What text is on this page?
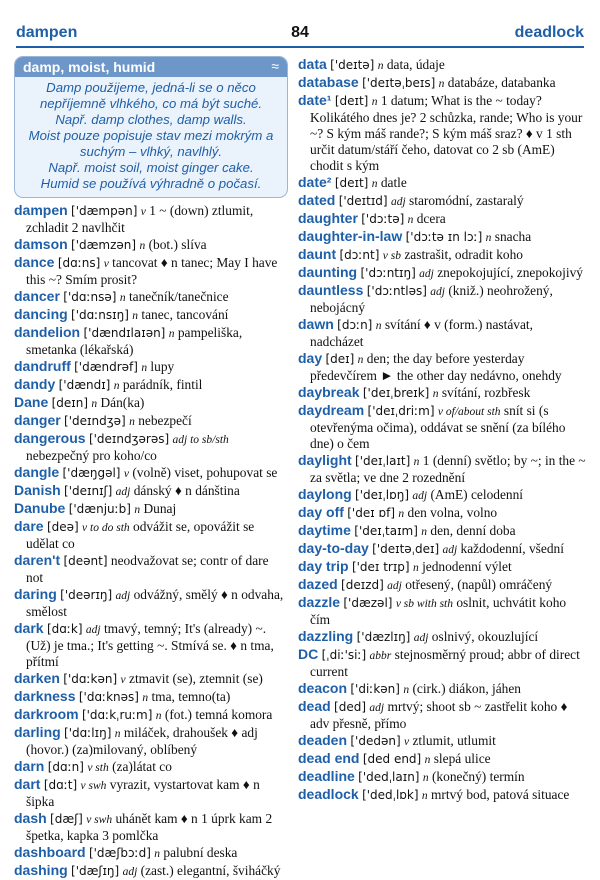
dampen	84	deadlock
damp, moist, humid	≈
Damp použijeme, jedná-li se o něco nepříjemně vlhkého, co má být suché.
Např. damp clothes, damp walls.
Moist pouze popisuje stav mezi mokrým a suchým – vlhký, navlhlý.
Např. moist soil, moist ginger cake.
Humid se používá výhradně o počasí.

dampen ['dæmpən] v 1 ~ (down) ztlumit, zchladit 2 navlhčit

damson ['dæmzən] n (bot.) slíva

dance [dɑːns] v tancovat ♦ n tanec; May I have this ~? Smím prosit?

dancer ['dɑːnsə] n tanečník/tanečnice

dancing ['dɑːnsɪŋ] n tanec, tancování

dandelion ['dændɪlaɪən] n pampeliška, smetanka (lékařská)

dandruff ['dændrəf] n lupy

dandy ['dændɪ] n parádník, fintil

Dane [deɪn] n Dán(ka)

danger ['deɪndʒə] n nebezpečí

dangerous ['deɪndʒərəs] adj to sb/sth nebezpečný pro koho/co

dangle ['dæŋgəl] v (volně) viset, pohupovat se

Danish ['deɪnɪʃ] adj dánský ♦ n dánština

Danube ['dænjuːb] n Dunaj

dare [deə] v to do sth odvážit se, opovážit se udělat co

daren't [deənt] neodvažovat se; contr of dare not

daring ['deərɪŋ] adj odvážný, smělý ♦ n odvaha, smělost

dark [dɑːk] adj tmavý, temný; It's (already) ~. (Už) je tma.; It's getting ~. Stmívá se. ♦ n tma, přítmí

darken ['dɑːkən] v ztmavit (se), ztemnit (se)

darkness ['dɑːknəs] n tma, temno(ta)

darkroom ['dɑːkˌruːm] n (fot.) temná komora

darling ['dɑːlɪŋ] n miláček, drahoušek ♦ adj (hovor.) (za)milovaný, oblíbený

darn [dɑːn] v sth (za)látat co

dart [dɑːt] v swh vyrazit, vystartovat kam ♦ n šipka

dash [dæʃ] v swh uhánět kam ♦ n 1 úprk kam 2 špetka, kapka 3 pomlčka

dashboard ['dæʃbɔːd] n palubní deska

dashing ['dæʃɪŋ] adj (zast.) elegantní, šviháčký

data ['deɪtə] n data, údaje

database ['deɪtəˌbeɪs] n databáze, databanka

date¹ [deɪt] n 1 datum; What is the ~ today? Kolikátého dnes je? 2 schůzka, rande; Who is your ~? S kým máš rande?; S kým máš sraz? ♦ v 1 sth určit datum/stáří čeho, datovat co 2 sb (AmE) chodit s kým

date² [deɪt] n datle

dated ['deɪtɪd] adj staromódní, zastaralý

daughter ['dɔːtə] n dcera

daughter-in-law ['dɔːtə ɪn lɔː] n snacha

daunt [dɔːnt] v sb zastrašit, odradit koho

daunting ['dɔːntɪŋ] adj znepokojující, znepokojivý

dauntless ['dɔːntləs] adj (kniž.) neohrožený, nebojácný

dawn [dɔːn] n svítání ♦ v (form.) nastávat, nadcházet

day [deɪ] n den; the day before yesterday předevčírem ► the other day nedávno, onehdy

daybreak ['deɪˌbreɪk] n svítání, rozbřesk

daydream ['deɪˌdriːm] v of/about sth snít si (s otevřenýma očima), oddávat se snění (za bílého dne) o čem

daylight ['deɪˌlaɪt] n 1 (denní) světlo; by ~; in the ~ za světla; ve dne 2 rozednění

daylong ['deɪˌlɒŋ] adj (AmE) celodenní

day off ['deɪ ɒf] n den volna, volno

daytime ['deɪˌtaɪm] n den, denní doba

day-to-day ['deɪtəˌdeɪ] adj každodenní, všední

day trip ['deɪ trɪp] n jednodenní výlet

dazed [deɪzd] adj otřesený, (napůl) omráčený

dazzle ['dæzəl] v sb with sth oslnit, uchvátit koho čím

dazzling ['dæzlɪŋ] adj oslnivý, okouzlující

DC [ˌdiː'siː] abbr stejnosměrný proud; abbr of direct current

deacon ['diːkən] n (cirk.) diákon, jáhen

dead [ded] adj mrtvý; shoot sb ~ zastřelit koho ♦ adv přesně, přímo

deaden ['dedən] v ztlumit, utlumit

dead end [ded end] n slepá ulice

deadline ['dedˌlaɪn] n (konečný) termín

deadlock ['dedˌlɒk] n mrtvý bod, patová situace
